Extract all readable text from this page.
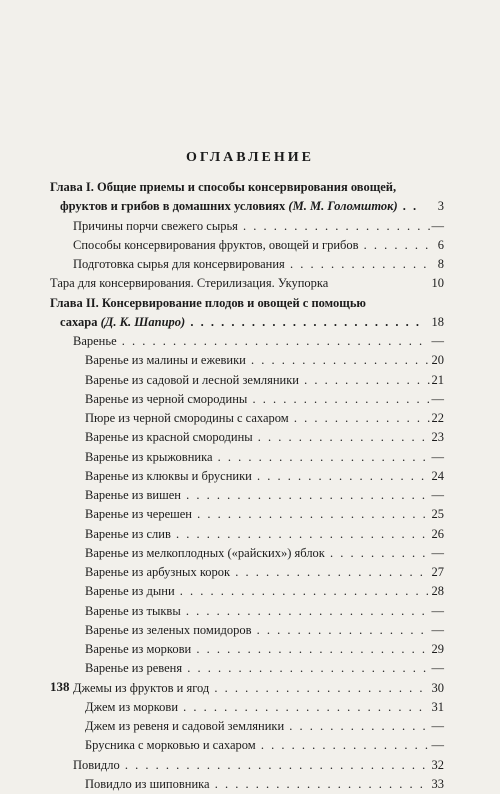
ОГЛАВЛЕНИЕ
Глава I. Общие приемы и способы консервирования овощей,
фруктов и грибов в домашних условиях (М. М. Голомшток) . . .	3
Причины порчи свежего сырья . . .	—
Способы консервирования фруктов, овощей и грибов . . .	6
Подготовка сырья для консервирования . . .	8
Тара для консервирования. Стерилизация. Укупорка	10
Глава II. Консервирование плодов и овощей с помощью
сахара (Д. К. Шапиро) . . .	18
Варенье . . .	—
Варенье из малины и ежевики . . .	20
Варенье из садовой и лесной земляники . . .	21
Варенье из черной смородины . . .	—
Пюре из черной смородины с сахаром . . .	22
Варенье из красной смородины . . .	23
Варенье из крыжовника . . .	—
Варенье из клюквы и брусники . . .	24
Варенье из вишен . . .	—
Варенье из черешен . . .	25
Варенье из слив . . .	26
Варенье из мелкоплодных («райских») яблок . . .	—
Варенье из арбузных корок . . .	27
Варенье из дыни . . .	28
Варенье из тыквы . . .	—
Варенье из зеленых помидоров . . .	—
Варенье из моркови . . .	29
Варенье из ревеня . . .	—
Джемы из фруктов и ягод . . .	30
Джем из моркови . . .	31
Джем из ревеня и садовой земляники . . .	—
Брусника с морковью и сахаром . . .	—
Повидло . . .	32
Повидло из шиповника . . .	33
138
